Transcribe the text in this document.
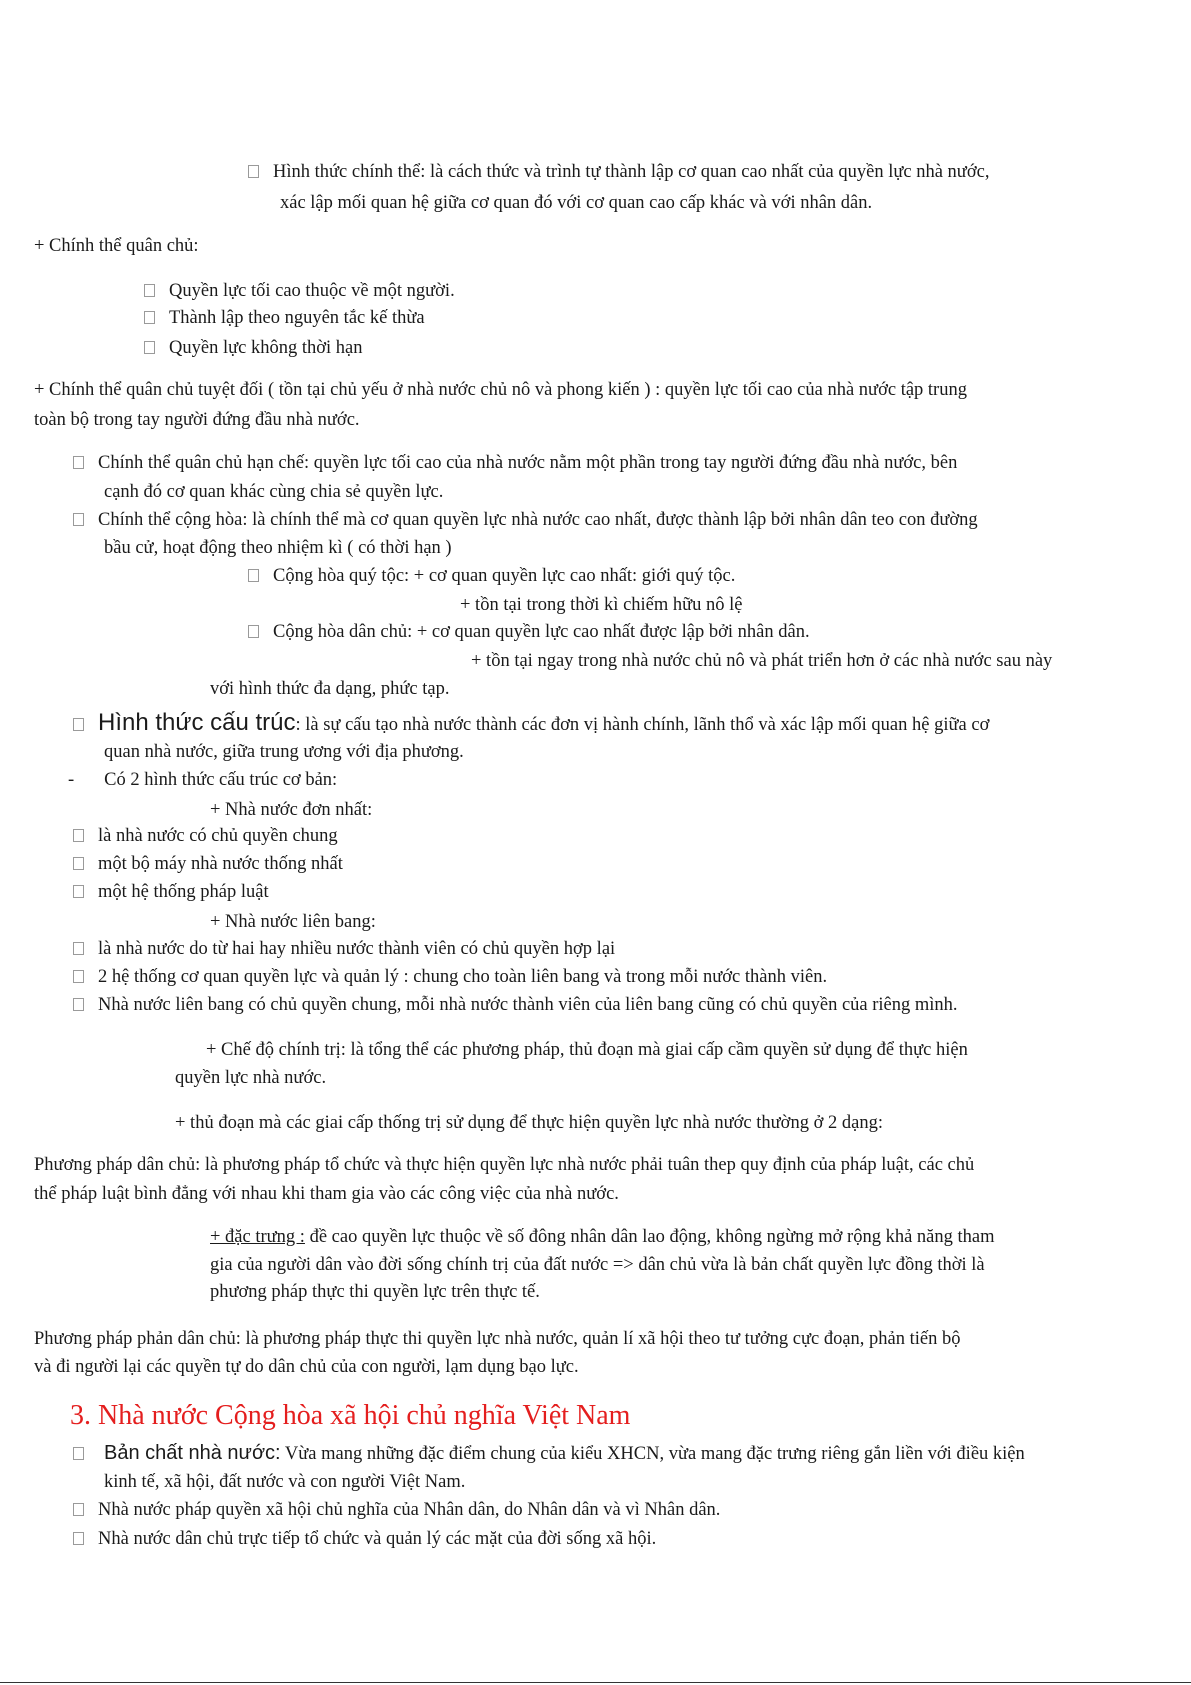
Hình thức chính thể: là cách thức và trình tự thành lập cơ quan cao nhất của quyền lực nhà nước,
xác lập mối quan hệ giữa cơ quan đó với cơ quan cao cấp khác và với nhân dân.
+ Chính thể quân chủ:
Quyền lực tối cao thuộc về một người.
Thành lập theo nguyên tắc kế thừa
Quyền lực không thời hạn
+ Chính thể quân chủ tuyệt đối ( tồn tại chủ yếu ở nhà nước chủ nô và phong kiến ) : quyền lực tối cao của nhà nước tập trung
toàn bộ trong tay người đứng đầu nhà nước.
Chính thể quân chủ hạn chế: quyền lực tối cao của nhà nước nằm một phần trong tay người đứng đầu nhà nước, bên
cạnh đó cơ quan khác cùng chia sẻ quyền lực.
Chính thể cộng hòa: là chính thể mà cơ quan quyền lực nhà nước cao nhất, được thành lập bởi nhân dân teo con đường
bầu cử, hoạt động theo nhiệm kì ( có thời hạn )
Cộng hòa quý tộc: + cơ quan quyền lực cao nhất: giới quý tộc.
+ tồn tại trong thời kì chiếm hữu nô lệ
Cộng hòa dân chủ: + cơ quan quyền lực cao nhất được lập bởi nhân dân.
+ tồn tại ngay trong nhà nước chủ nô và phát triển hơn ở các nhà nước sau này
với hình thức đa dạng, phức tạp.
Hình thức cấu trúc: là sự cấu tạo nhà nước thành các đơn vị hành chính, lãnh thổ và xác lập mối quan hệ giữa cơ
quan nhà nước, giữa trung ương với địa phương.
- Có 2 hình thức cấu trúc cơ bản:
+ Nhà nước đơn nhất:
là nhà nước có chủ quyền chung
một bộ máy nhà nước thống nhất
một hệ thống pháp luật
+ Nhà nước liên bang:
là nhà nước do từ hai hay nhiều nước thành viên có chủ quyền hợp lại
2 hệ thống cơ quan quyền lực và quản lý : chung cho toàn liên bang và trong mỗi nước thành viên.
Nhà nước liên bang có chủ quyền chung, mỗi nhà nước thành viên của liên bang cũng có chủ quyền của riêng mình.
+ Chế độ chính trị: là tổng thể các phương pháp, thủ đoạn mà giai cấp cầm quyền sử dụng để thực hiện
quyền lực nhà nước.
+ thủ đoạn mà các giai cấp thống trị sử dụng để thực hiện quyền lực nhà nước thường ở 2 dạng:
Phương pháp dân chủ: là phương pháp tổ chức và thực hiện quyền lực nhà nước phải tuân thep quy định của pháp luật, các chủ
thể pháp luật bình đẳng với nhau khi tham gia vào các công việc của nhà nước.
+ đặc trưng : đề cao quyền lực thuộc về số đông nhân dân lao động, không ngừng mở rộng khả năng tham
gia của người dân vào đời sống chính trị của đất nước => dân chủ vừa là bản chất quyền lực đồng thời là
phương pháp thực thi quyền lực trên thực tế.
Phương pháp phản dân chủ: là phương pháp thực thi quyền lực nhà nước, quản lí xã hội theo tư tưởng cực đoạn, phản tiến bộ
và đi người lại các quyền tự do dân chủ của con người, lạm dụng bạo lực.
3. Nhà nước Cộng hòa xã hội chủ nghĩa Việt Nam
Bản chất nhà nước: Vừa mang những đặc điểm chung của kiểu XHCN, vừa mang đặc trưng riêng gắn liền với điều kiện
kinh tế, xã hội, đất nước và con người Việt Nam.
Nhà nước pháp quyền xã hội chủ nghĩa của Nhân dân, do Nhân dân và vì Nhân dân.
Nhà nước dân chủ trực tiếp tổ chức và quản lý các mặt của đời sống xã hội.
